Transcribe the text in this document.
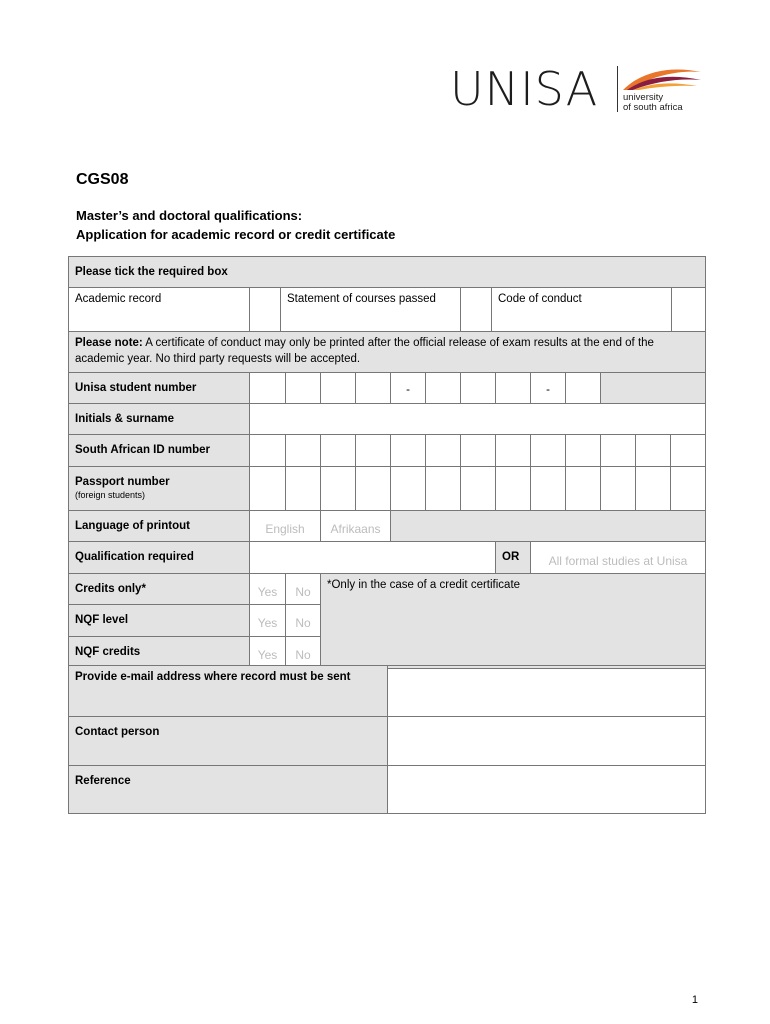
UNISA	university
of south africa
CGS08
Master’s and doctoral qualifications:
Application for academic record or credit certificate
Please tick the required box
Academic record	Statement of courses passed	Code of conduct
Please note: A certificate of conduct may only be printed after the official release of exam results at the end of the academic year. No third party requests will be accepted.
Unisa student number	-	-
Initials & surname
South African ID number
Passport number
(foreign students)
Language of printout	English	Afrikaans
Qualification required	OR	All formal studies at Unisa
Credits only*	Yes	No
NQF level	Yes	No
NQF credits	Yes	No
*Only in the case of a credit certificate
Provide e-mail address where record must be sent
Contact person
Reference
1
